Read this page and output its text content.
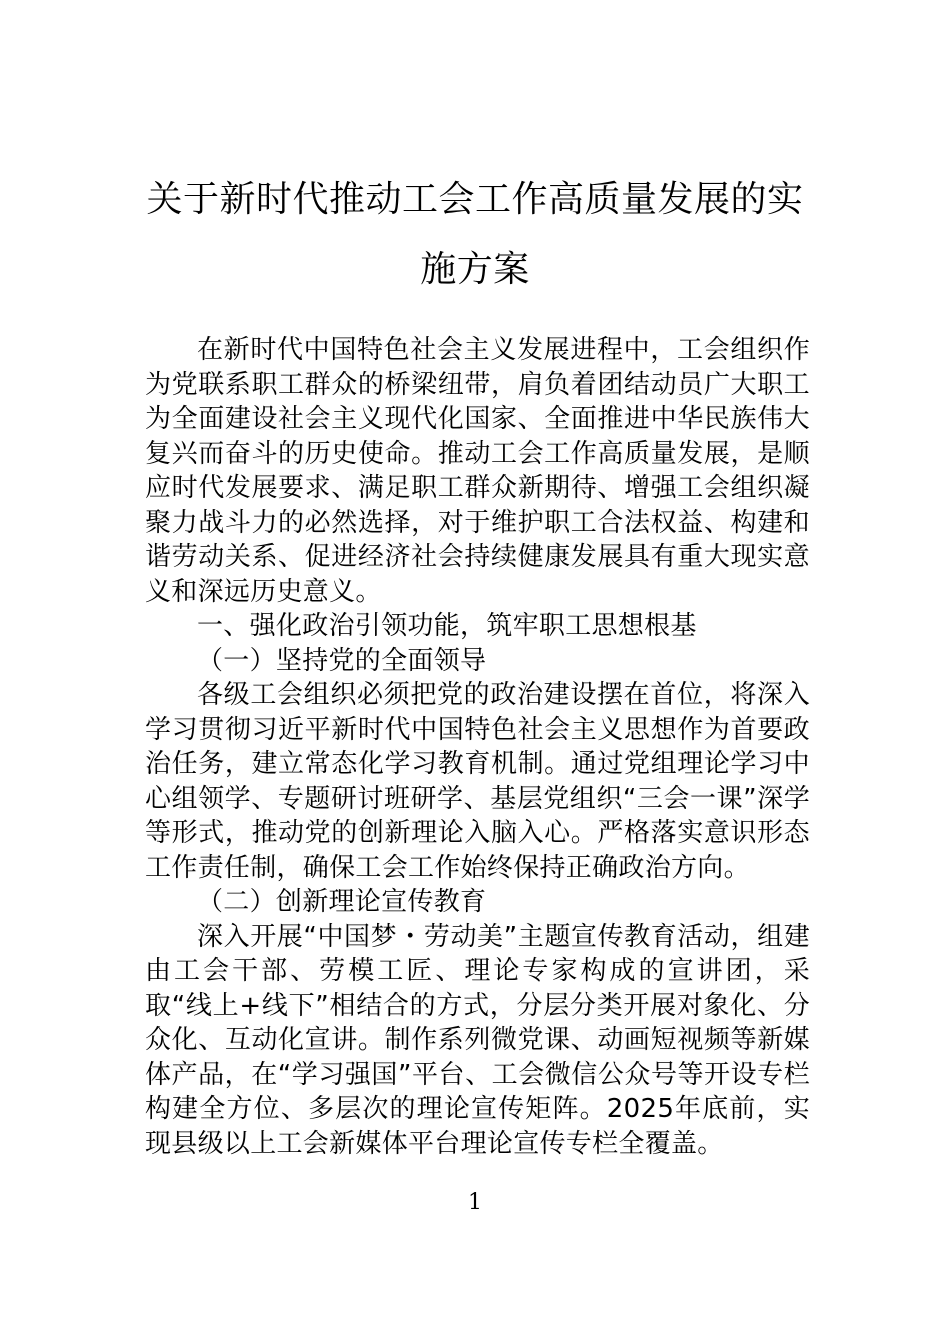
关于新时代推动工会工作高质量发展的实施方案

在新时代中国特色社会主义发展进程中，工会组织作为党联系职工群众的桥梁纽带，肩负着团结动员广大职工为全面建设社会主义现代化国家、全面推进中华民族伟大复兴而奋斗的历史使命。推动工会工作高质量发展，是顺应时代发展要求、满足职工群众新期待、增强工会组织凝聚力战斗力的必然选择，对于维护职工合法权益、构建和谐劳动关系、促进经济社会持续健康发展具有重大现实意义和深远历史意义。

一、强化政治引领功能，筑牢职工思想根基

（一）坚持党的全面领导

各级工会组织必须把党的政治建设摆在首位，将深入学习贯彻习近平新时代中国特色社会主义思想作为首要政治任务，建立常态化学习教育机制。通过党组理论学习中心组领学、专题研讨班研学、基层党组织“三会一课”深学等形式，推动党的创新理论入脑入心。严格落实意识形态工作责任制，确保工会工作始终保持正确政治方向。

（二）创新理论宣传教育

深入开展“中国梦・劳动美”主题宣传教育活动，组建由工会干部、劳模工匠、理论专家构成的宣讲团，采取“线上+线下”相结合的方式，分层分类开展对象化、分众化、互动化宣讲。制作系列微党课、动画短视频等新媒体产品，在“学习强国”平台、工会微信公众号等开设专栏构建全方位、多层次的理论宣传矩阵。2025年底前，实现县级以上工会新媒体平台理论宣传专栏全覆盖。

1
